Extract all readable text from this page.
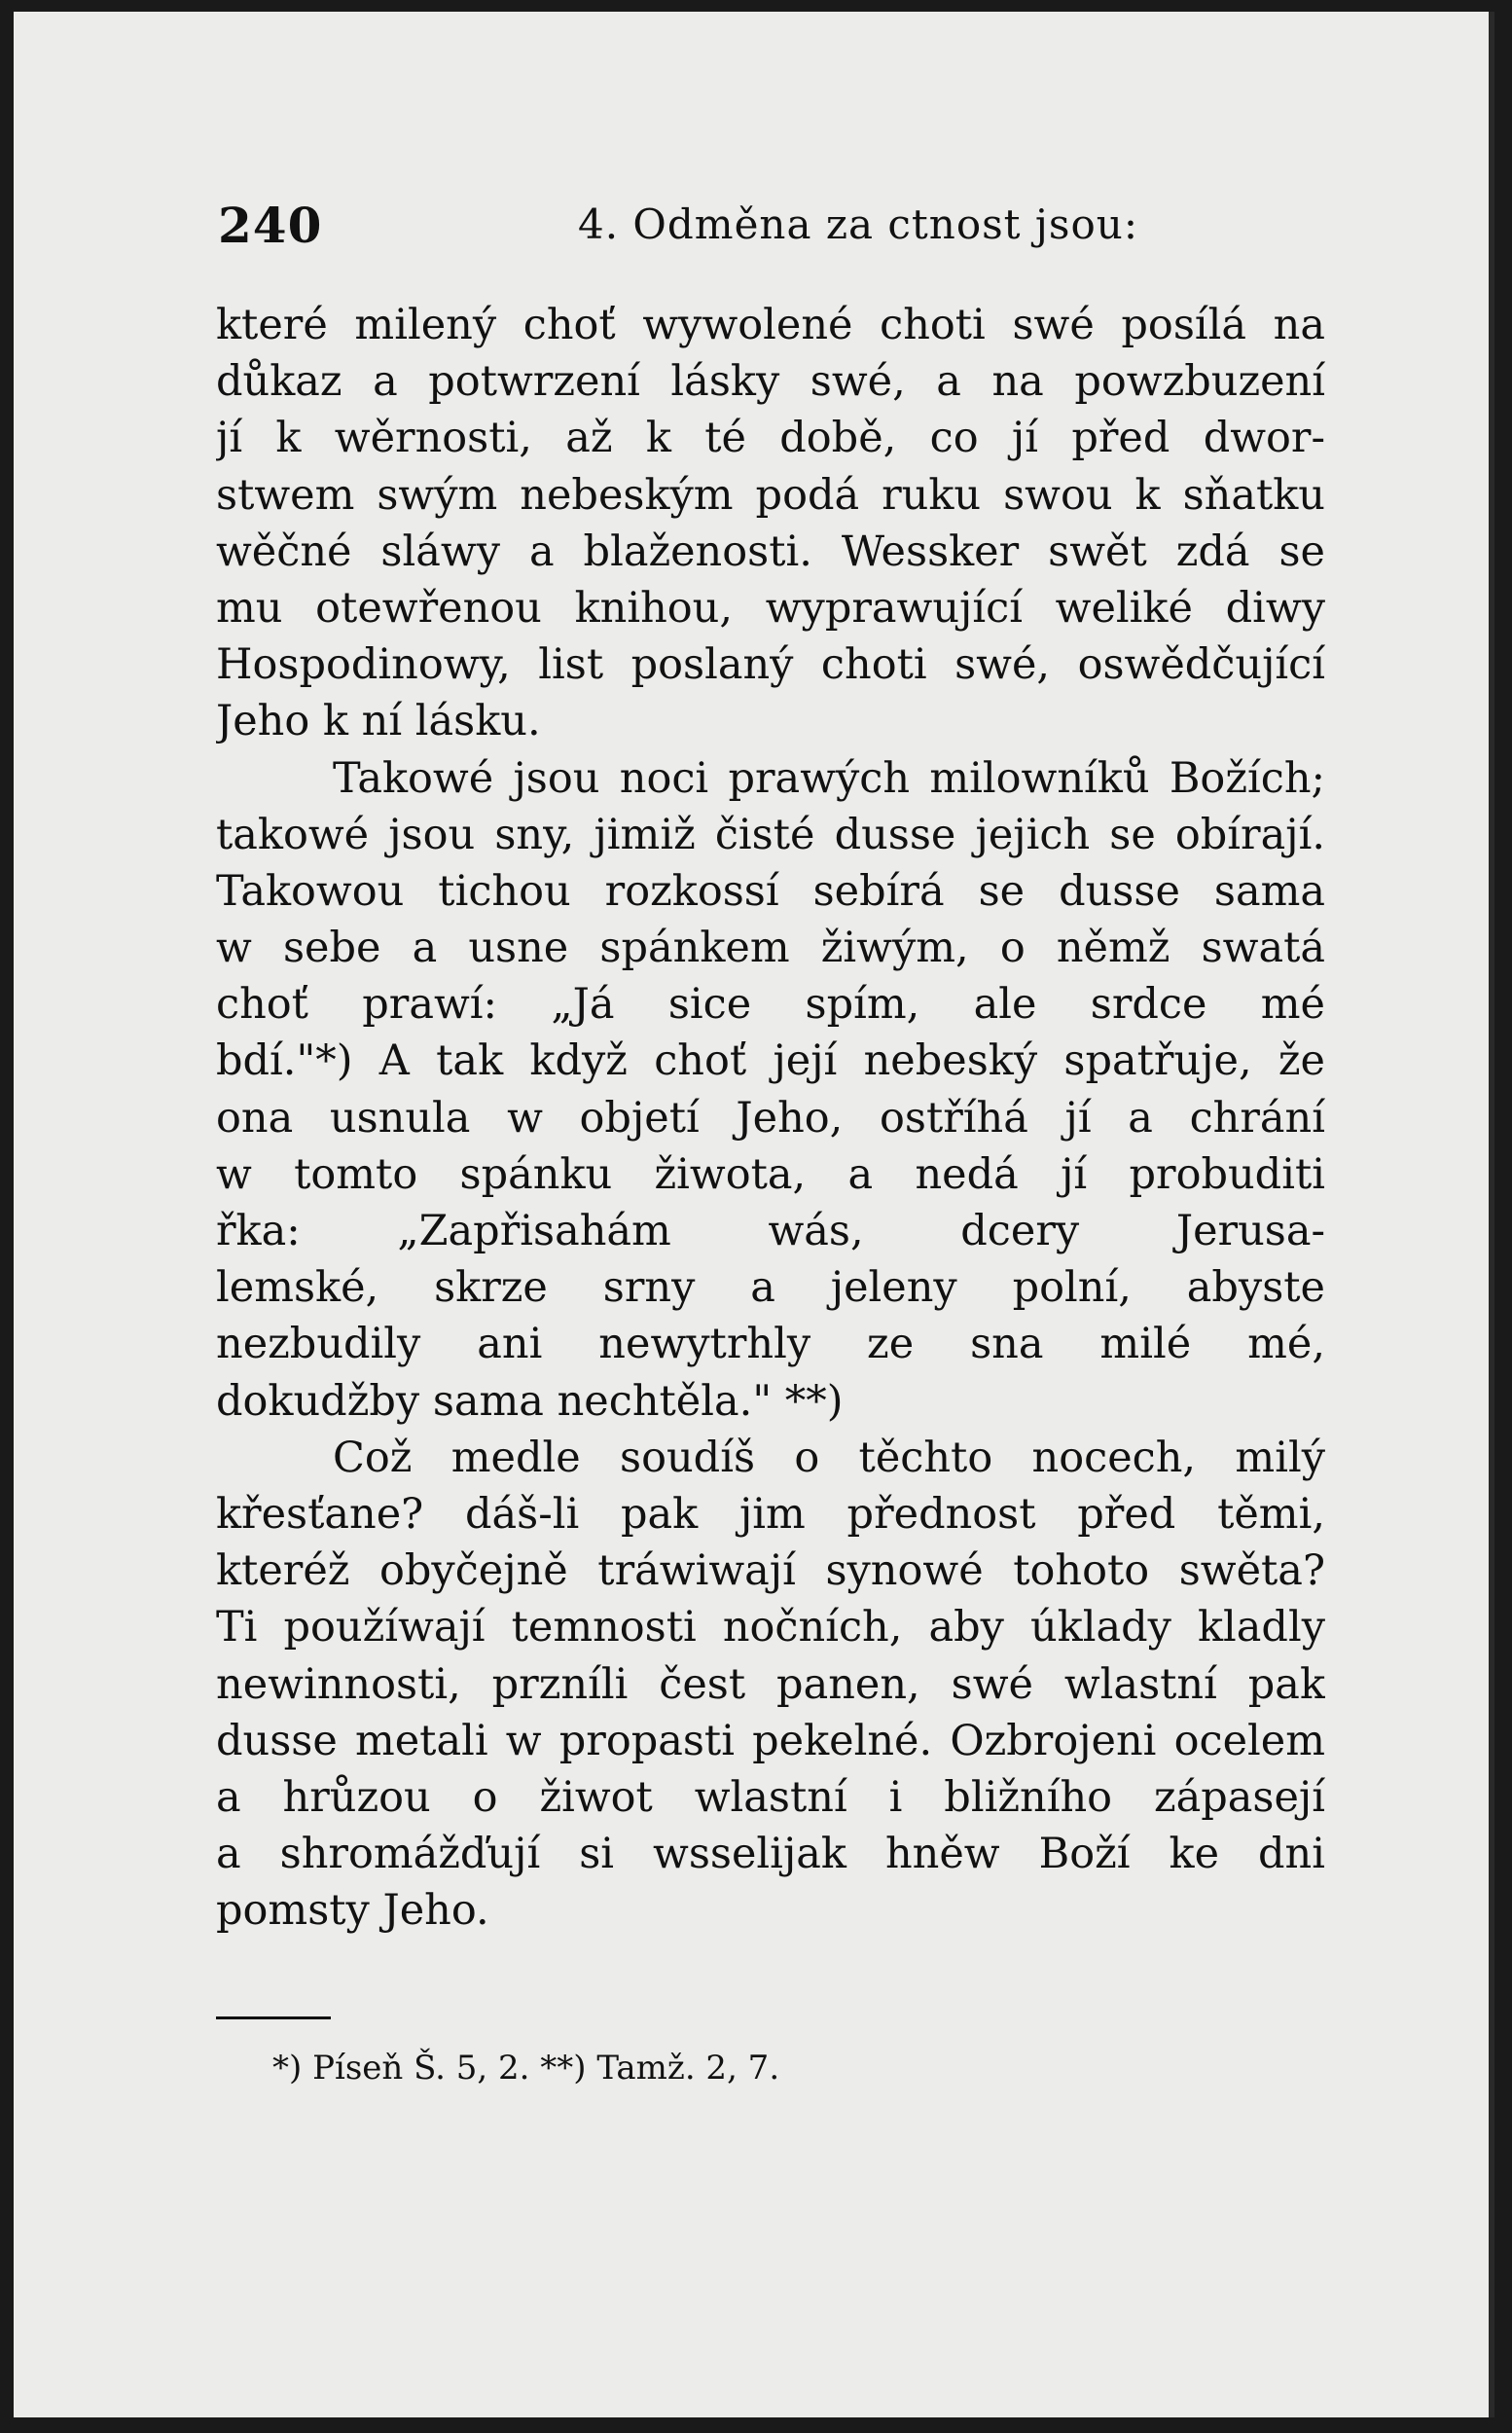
240	4. Odměna za ctnost jsou:
které milený choť wywolené choti swé posílá na
důkaz a potwrzení lásky swé, a na powzbuzení
jí k wěrnosti, až k té době, co jí před dwor-
stwem swým nebeským podá ruku swou k sňatku
wěčné sláwy a blaženosti. Wessker swět zdá se
mu otewřenou knihou, wyprawující weliké diwy
Hospodinowy, list poslaný choti swé, oswědčující
Jeho k ní lásku.
Takowé jsou noci prawých milowníků Božích;
takowé jsou sny, jimiž čisté dusse jejich se obírají.
Takowou tichou rozkossí sebírá se dusse sama
w sebe a usne spánkem žiwým, o němž swatá
choť prawí: „Já sice spím, ale srdce mé
bdí."*) A tak když choť její nebeský spatřuje, že
ona usnula w objetí Jeho, ostříhá jí a chrání
w tomto spánku žiwota, a nedá jí probuditi
řka: „Zapřisahám wás, dcery Jerusa-
lemské, skrze srny a jeleny polní, abyste
nezbudily ani newytrhly ze sna milé mé,
dokudžby sama nechtěla." **)
Což medle soudíš o těchto nocech, milý
křesťane? dáš-li pak jim přednost před těmi,
kteréž obyčejně tráwiwají synowé tohoto swěta?
Ti použíwají temnosti nočních, aby úklady kladly
newinnosti, przníli čest panen, swé wlastní pak
dusse metali w propasti pekelné. Ozbrojeni ocelem
a hrůzou o žiwot wlastní i bližního zápasejí
a shromážďují si wsselijak hněw Boží ke dni
pomsty Jeho.
*) Píseň Š. 5, 2. **) Tamž. 2, 7.
